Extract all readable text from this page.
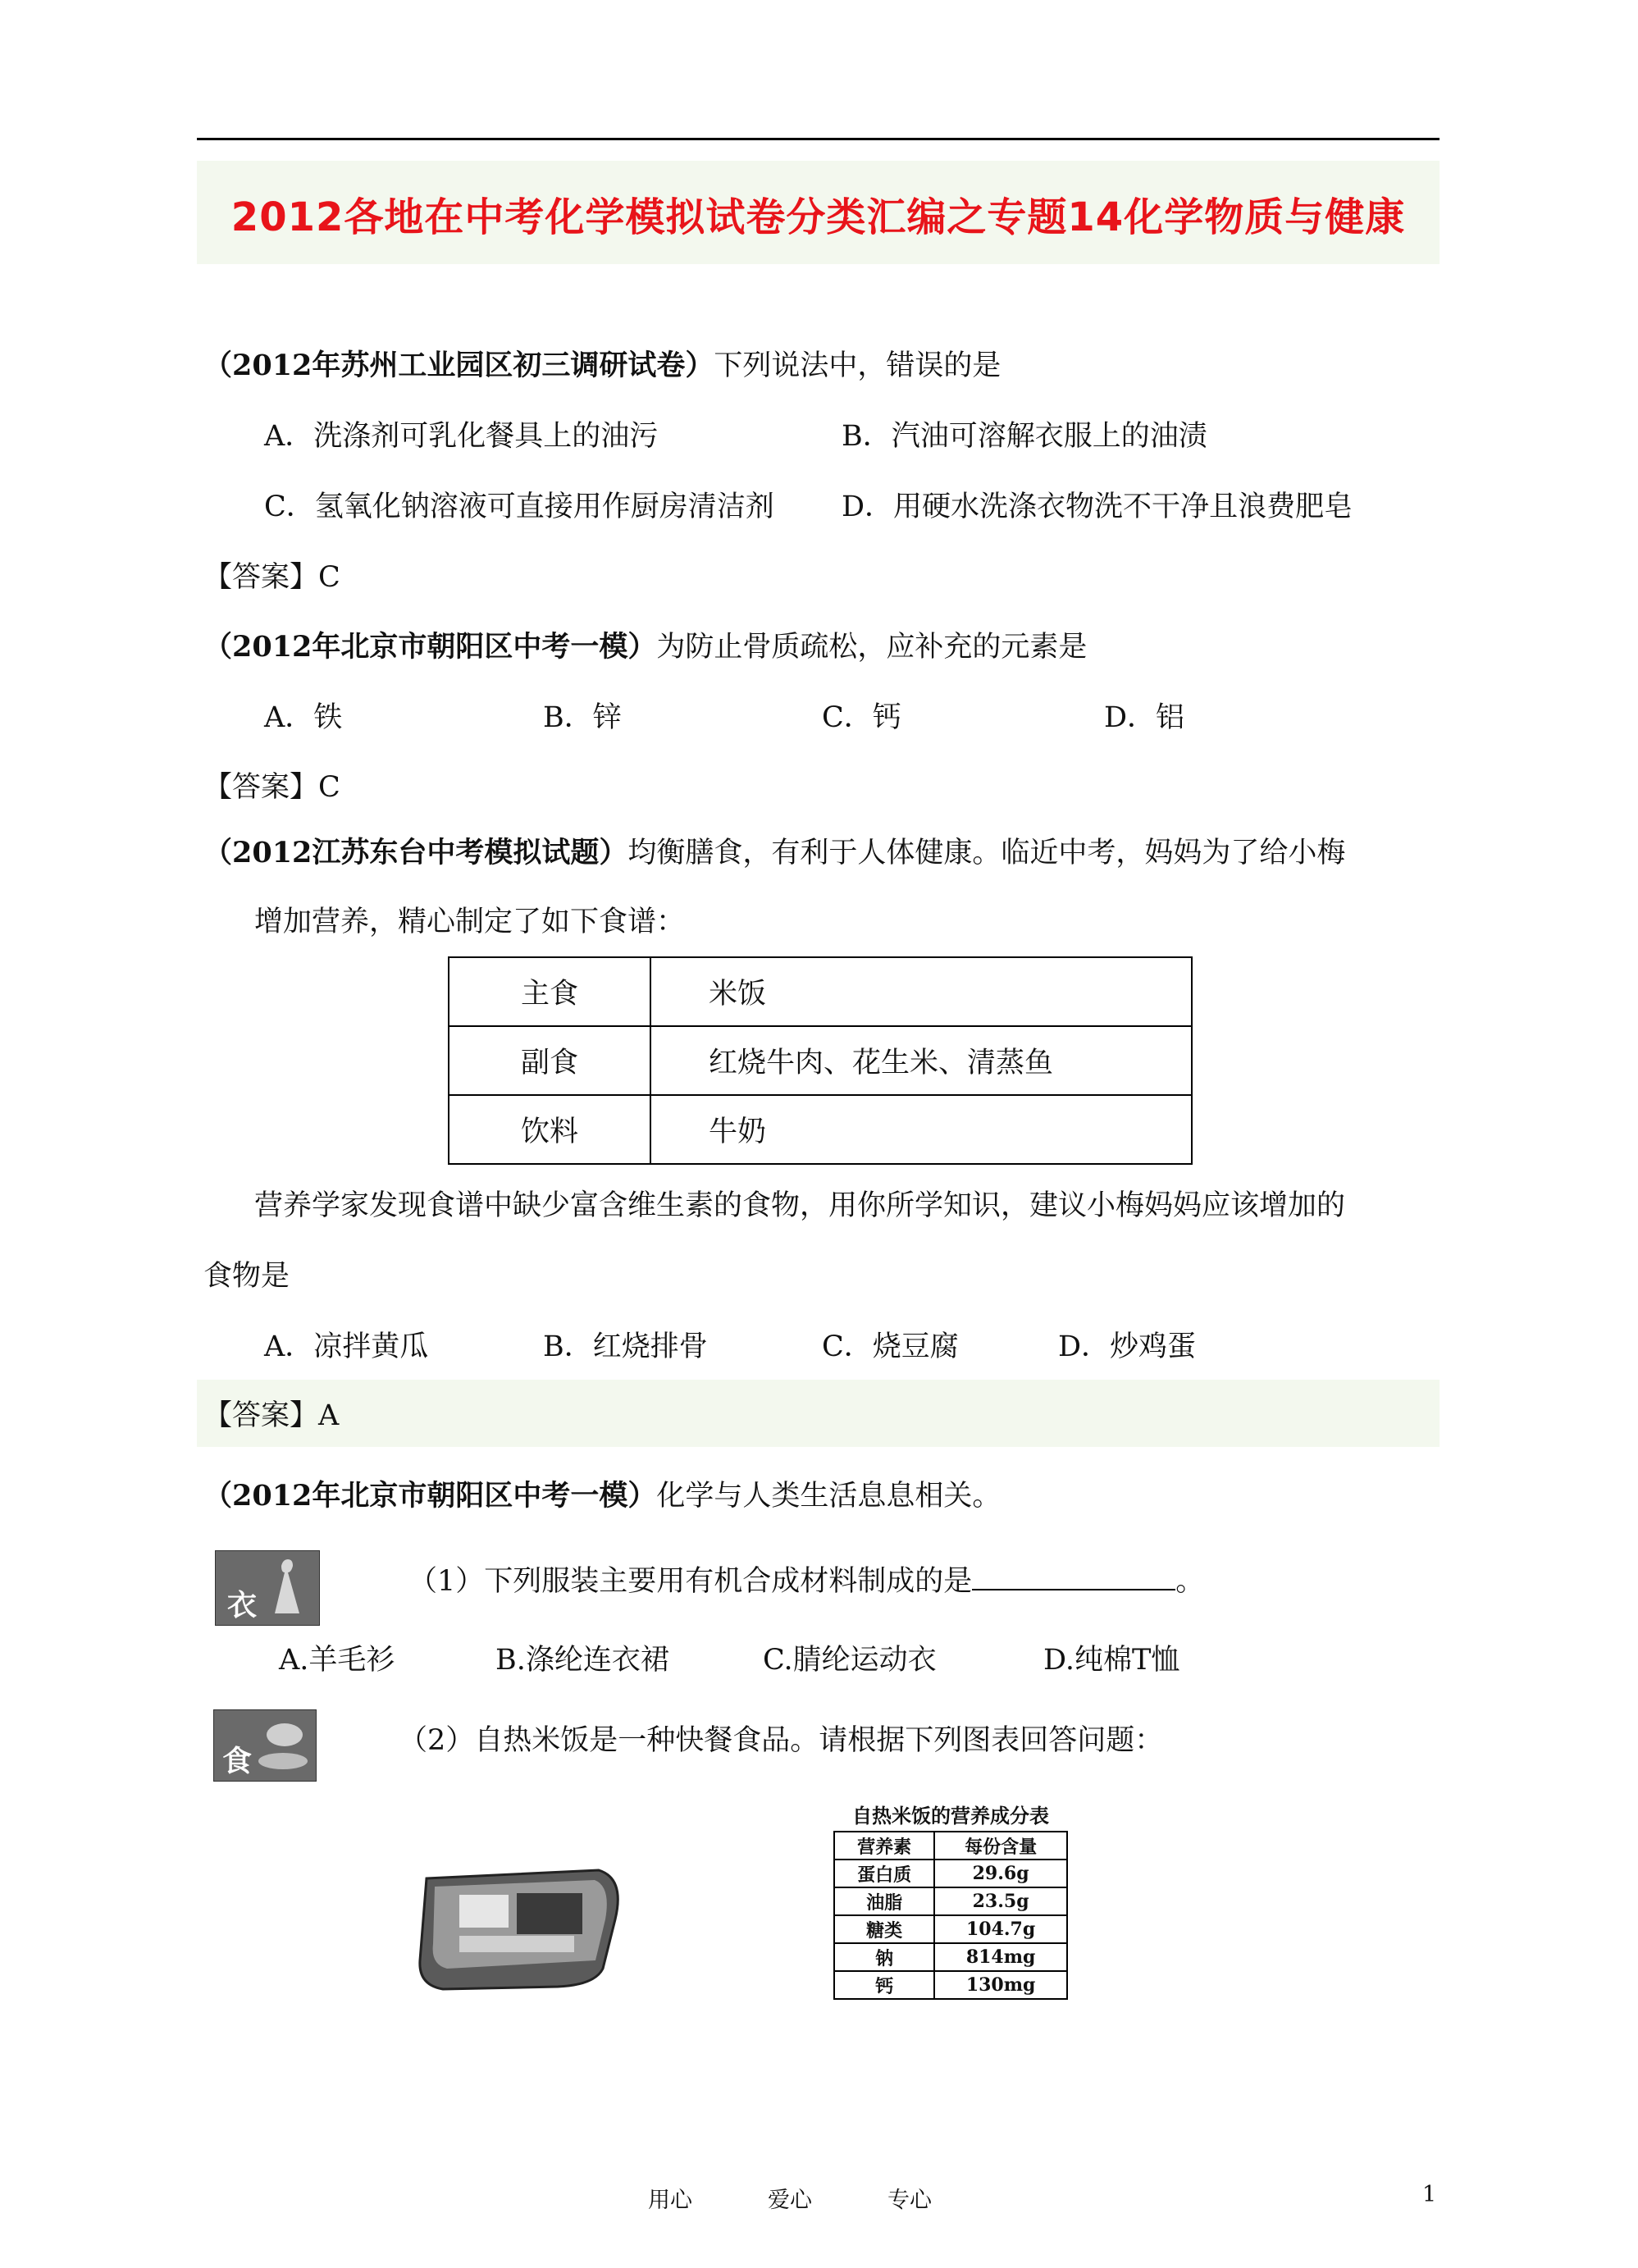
2012各地在中考化学模拟试卷分类汇编之专题14化学物质与健康
（2012年苏州工业园区初三调研试卷）下列说法中，错误的是
A．洗涤剂可乳化餐具上的油污	B．汽油可溶解衣服上的油渍
C．氢氧化钠溶液可直接用作厨房清洁剂 D．用硬水洗涤衣物洗不干净且浪费肥皂
【答案】C
（2012年北京市朝阳区中考一模）为防止骨质疏松，应补充的元素是
A．铁	B．锌	C．钙	D．铝
【答案】C
（2012江苏东台中考模拟试题）均衡膳食，有利于人体健康。临近中考，妈妈为了给小梅
增加营养，精心制定了如下食谱：
主食	米饭
副食	红烧牛肉、花生米、清蒸鱼
饮料	牛奶
营养学家发现食谱中缺少富含维生素的食物，用你所学知识，建议小梅妈妈应该增加的
食物是
A．凉拌黄瓜	B．红烧排骨	C．烧豆腐	D．炒鸡蛋
【答案】A
（2012年北京市朝阳区中考一模）化学与人类生活息息相关。
衣
（1）下列服装主要用有机合成材料制成的是	。
A.羊毛衫	B.涤纶连衣裙	C.腈纶运动衣	D.纯棉T恤
食
（2）自热米饭是一种快餐食品。请根据下列图表回答问题：
自热米饭的营养成分表
营养素	每份含量
蛋白质	29.6g
油脂	23.5g
糖类	104.7g
钠	814mg
钙	130mg
用心	爱心	专心	1
